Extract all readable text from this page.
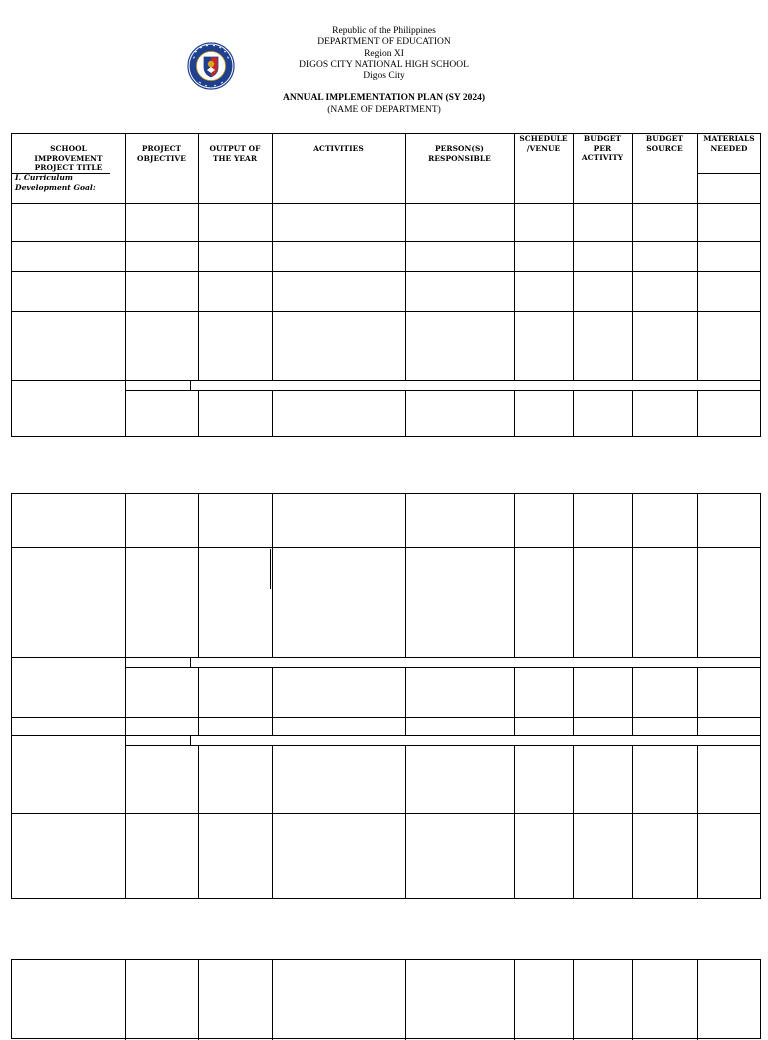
Republic of the Philippines
DEPARTMENT OF EDUCATION
Region XI
DIGOS CITY NATIONAL HIGH SCHOOL
Digos City
ANNUAL IMPLEMENTATION PLAN (SY 2024)
(NAME OF DEPARTMENT)
SCHOOL
IMPROVEMENT
PROJECT TITLE
PROJECT
OBJECTIVE
OUTPUT OF
THE YEAR
ACTIVITIES	PERSON(S)
RESPONSIBLE
SCHEDULE
/VENUE
BUDGET
PER
ACTIVITY
BUDGET
SOURCE
MATERIALS
NEEDED
I. Curriculum
Development Goal:
